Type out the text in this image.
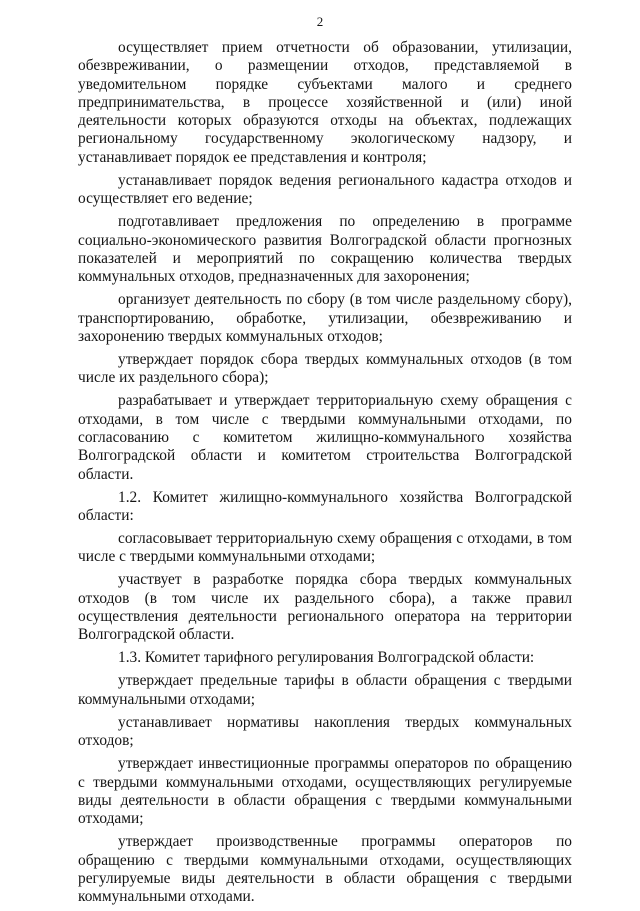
2

осуществляет прием отчетности об образовании, утилизации, обезвреживании, о размещении отходов, представляемой в уведомительном порядке субъектами малого и среднего предпринимательства, в процессе хозяйственной и (или) иной деятельности которых образуются отходы на объектах, подлежащих региональному государственному экологическому надзору, и устанавливает порядок ее представления и контроля;

устанавливает порядок ведения регионального кадастра отходов и осуществляет его ведение;

подготавливает предложения по определению в программе социально-экономического развития Волгоградской области прогнозных показателей и мероприятий по сокращению количества твердых коммунальных отходов, предназначенных для захоронения;

организует деятельность по сбору (в том числе раздельному сбору), транспортированию, обработке, утилизации, обезвреживанию и захоронению твердых коммунальных отходов;

утверждает порядок сбора твердых коммунальных отходов (в том числе их раздельного сбора);

разрабатывает и утверждает территориальную схему обращения с отходами, в том числе с твердыми коммунальными отходами, по согласованию с комитетом жилищно-коммунального хозяйства Волгоградской области и комитетом строительства Волгоградской области.

1.2. Комитет жилищно-коммунального хозяйства Волгоградской области:

согласовывает территориальную схему обращения с отходами, в том числе с твердыми коммунальными отходами;

участвует в разработке порядка сбора твердых коммунальных отходов (в том числе их раздельного сбора), а также правил осуществления деятельности регионального оператора на территории Волгоградской области.

1.3. Комитет тарифного регулирования Волгоградской области:

утверждает предельные тарифы в области обращения с твердыми коммунальными отходами;

устанавливает нормативы накопления твердых коммунальных отходов;

утверждает инвестиционные программы операторов по обращению с твердыми коммунальными отходами, осуществляющих регулируемые виды деятельности в области обращения с твердыми коммунальными отходами;

утверждает производственные программы операторов по обращению с твердыми коммунальными отходами, осуществляющих регулируемые виды деятельности в области обращения с твердыми коммунальными отходами.
